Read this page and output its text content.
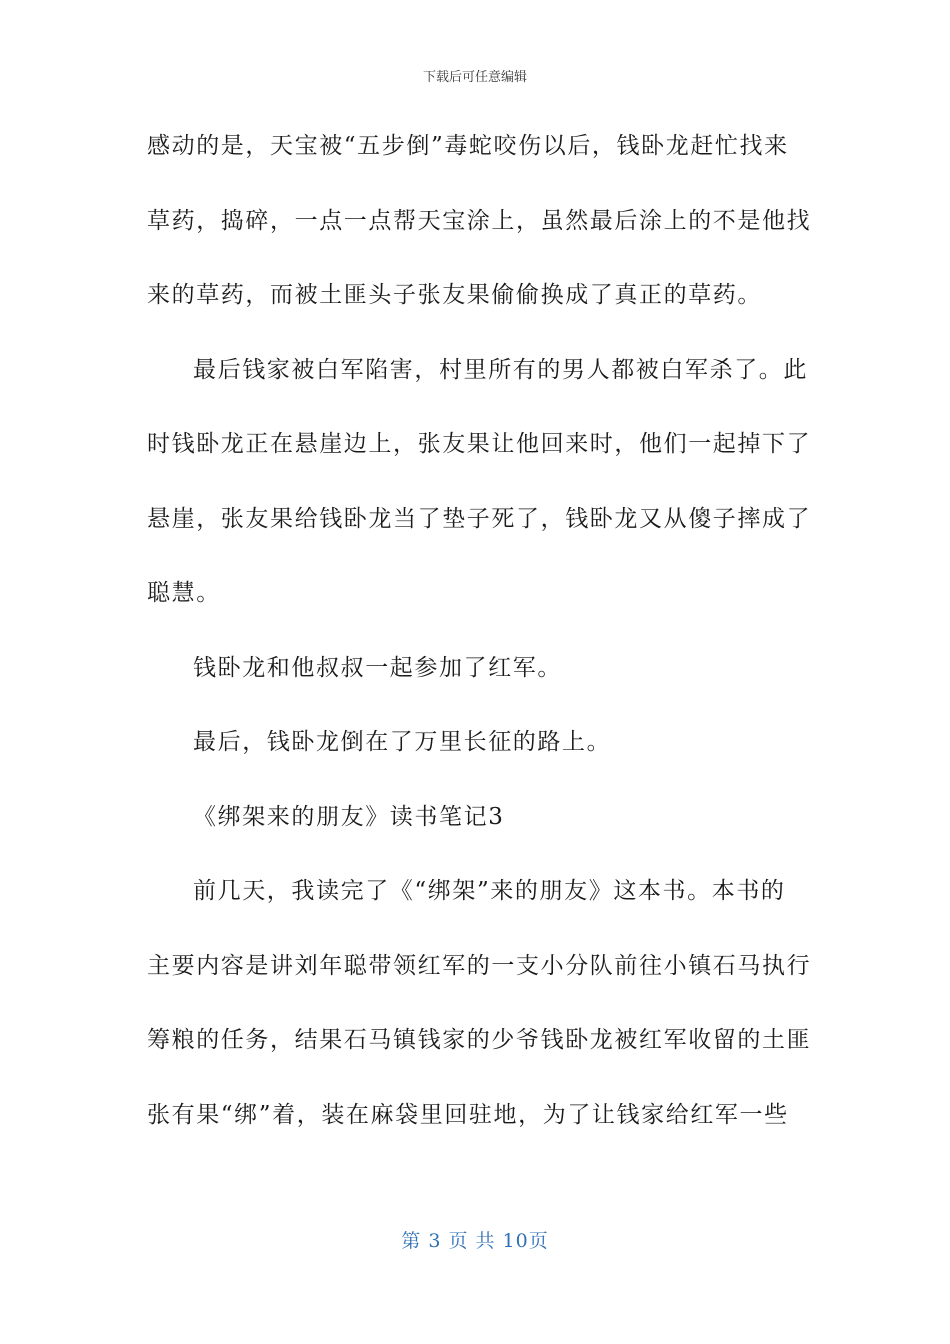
下载后可任意编辑
感动的是，天宝被“五步倒”毒蛇咬伤以后，钱卧龙赶忙找来
草药，捣碎，一点一点帮天宝涂上，虽然最后涂上的不是他找
来的草药，而被土匪头子张友果偷偷换成了真正的草药。
最后钱家被白军陷害，村里所有的男人都被白军杀了。此
时钱卧龙正在悬崖边上，张友果让他回来时，他们一起掉下了
悬崖，张友果给钱卧龙当了垫子死了，钱卧龙又从傻子摔成了
聪慧。
钱卧龙和他叔叔一起参加了红军。
最后，钱卧龙倒在了万里长征的路上。
《绑架来的朋友》读书笔记3
前几天，我读完了《“绑架”来的朋友》这本书。本书的
主要内容是讲刘年聪带领红军的一支小分队前往小镇石马执行
筹粮的任务，结果石马镇钱家的少爷钱卧龙被红军收留的土匪
张有果“绑”着，装在麻袋里回驻地，为了让钱家给红军一些
第 3 页 共 10页
